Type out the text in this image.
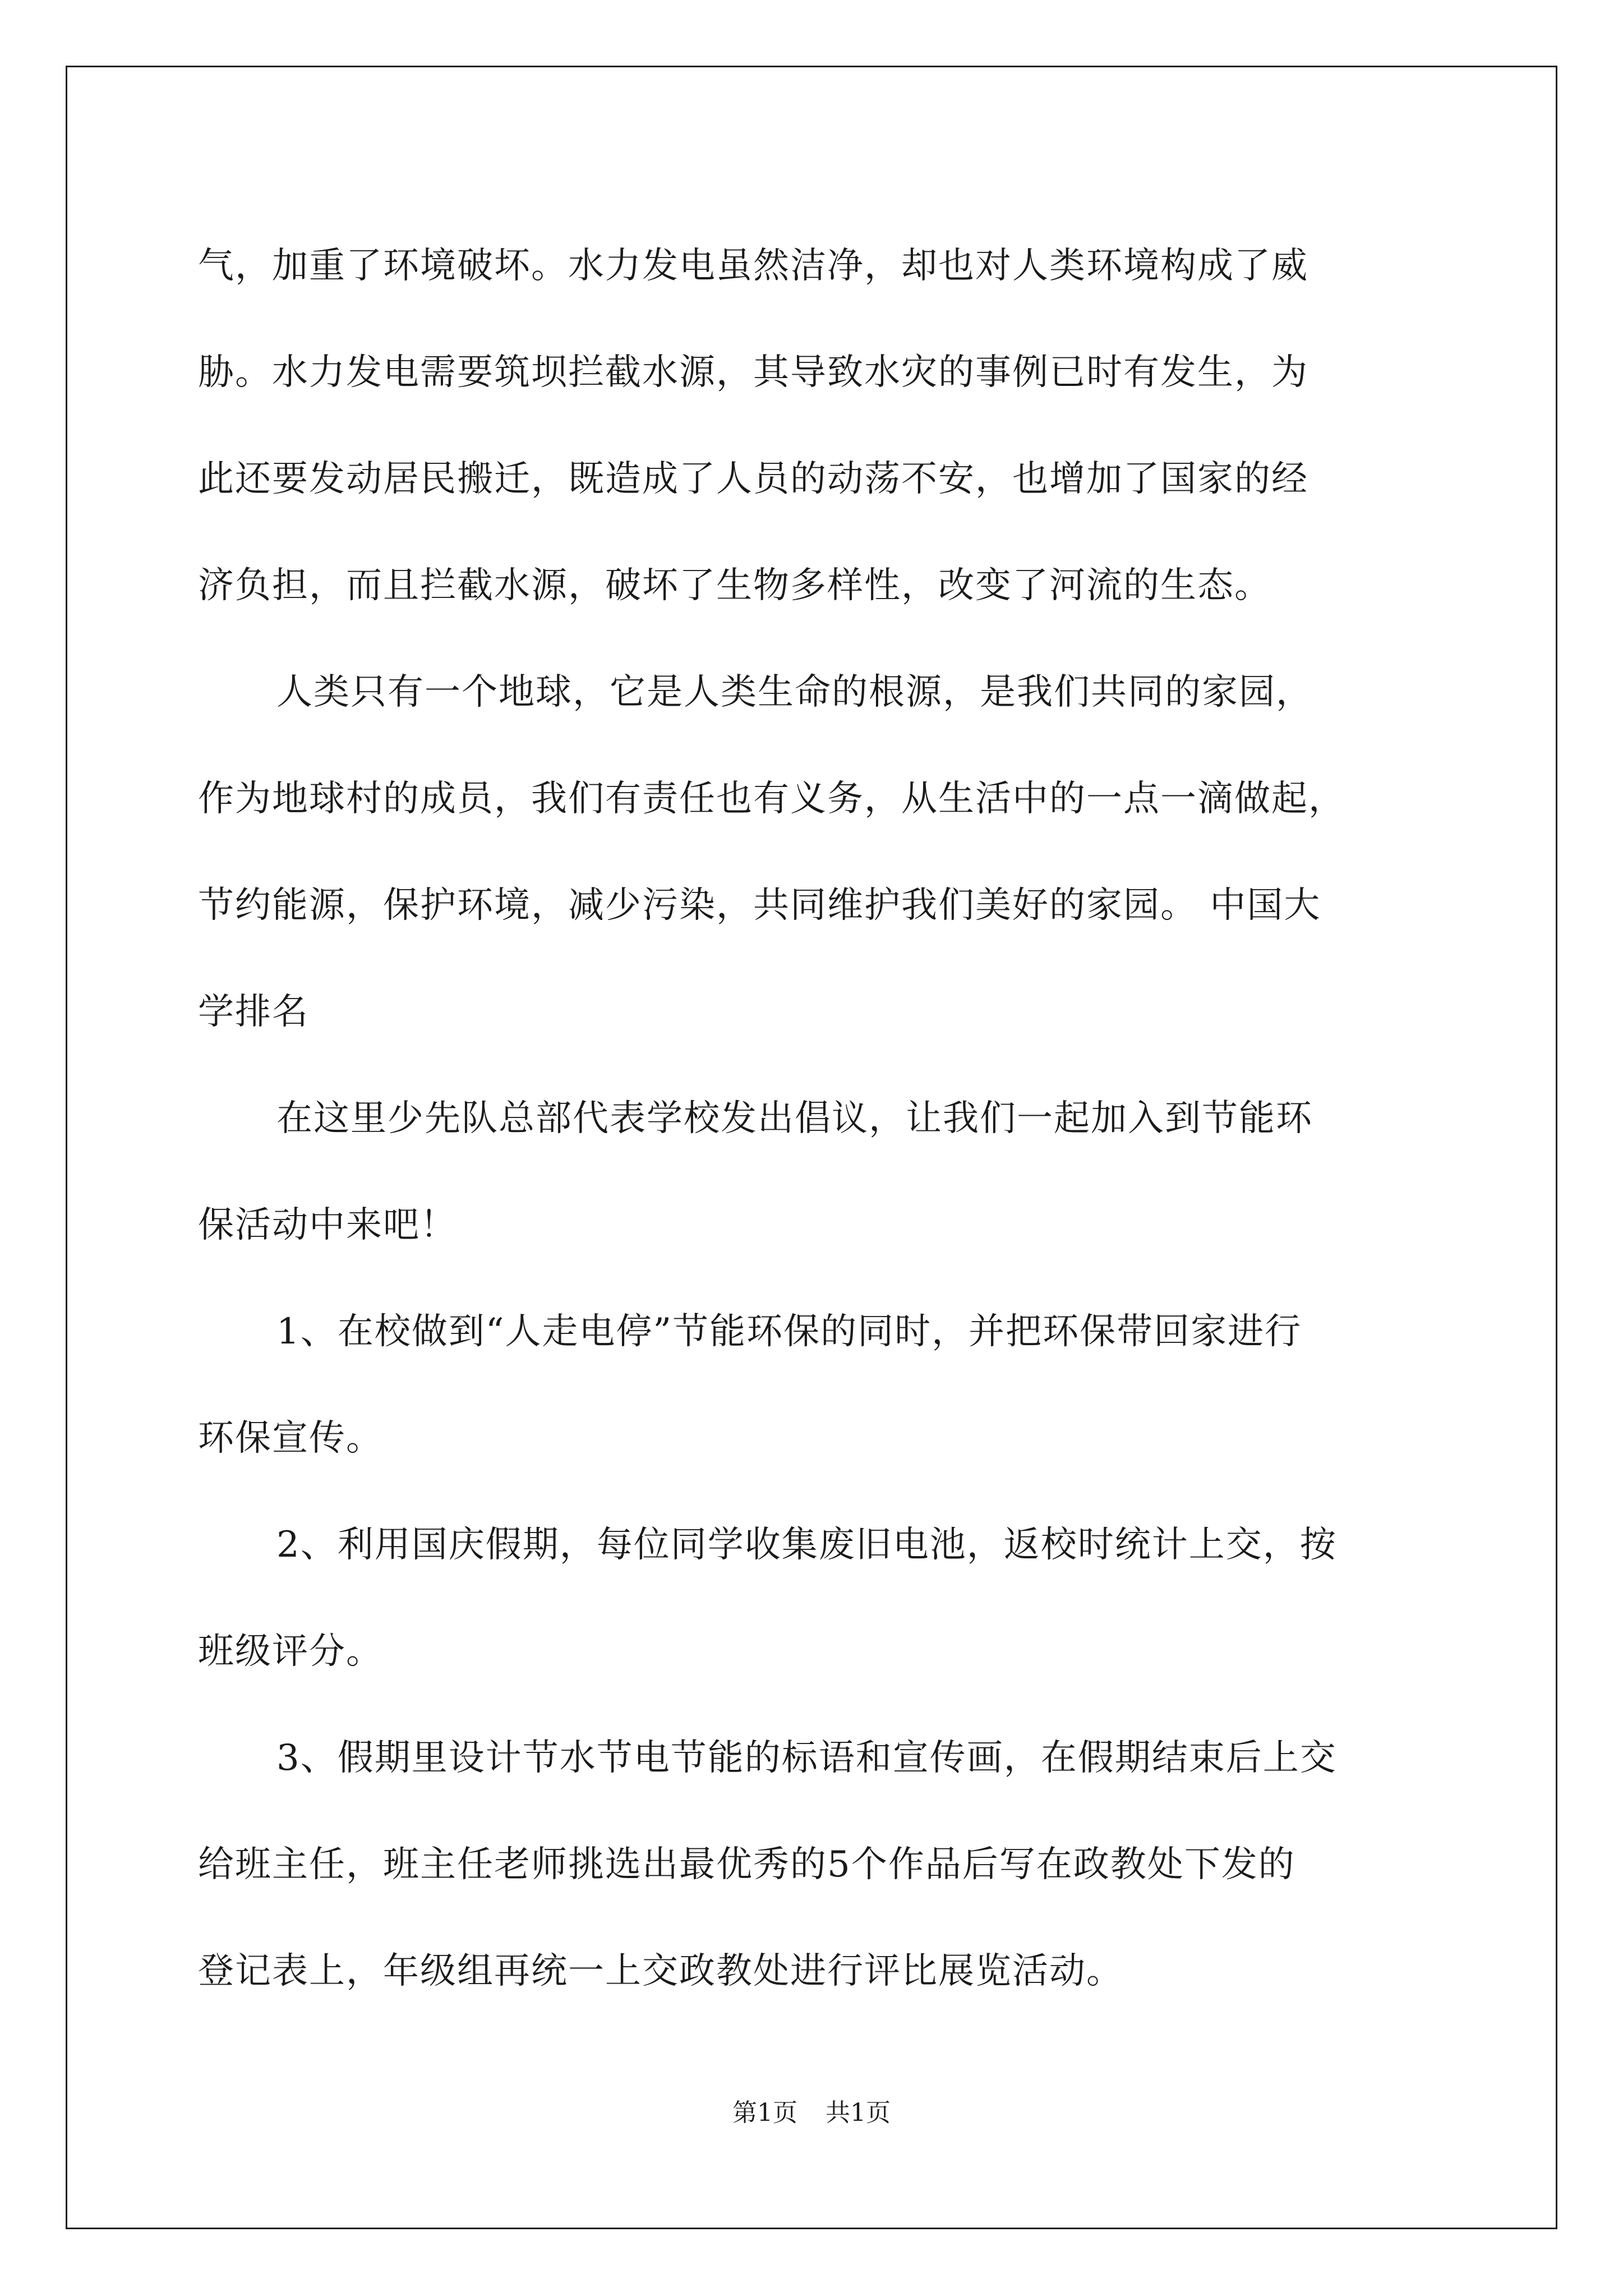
气，加重了环境破坏。水力发电虽然洁净，却也对人类环境构成了威
胁。水力发电需要筑坝拦截水源，其导致水灾的事例已时有发生，为
此还要发动居民搬迁，既造成了人员的动荡不安，也增加了国家的经
济负担，而且拦截水源，破坏了生物多样性，改变了河流的生态。
人类只有一个地球，它是人类生命的根源，是我们共同的家园，
作为地球村的成员，我们有责任也有义务，从生活中的一点一滴做起，
节约能源，保护环境，减少污染，共同维护我们美好的家园。 中国大
学排名
在这里少先队总部代表学校发出倡议，让我们一起加入到节能环
保活动中来吧！
1、在校做到“人走电停”节能环保的同时，并把环保带回家进行
环保宣传。
2、利用国庆假期，每位同学收集废旧电池，返校时统计上交，按
班级评分。
3、假期里设计节水节电节能的标语和宣传画，在假期结束后上交
给班主任，班主任老师挑选出最优秀的5个作品后写在政教处下发的
登记表上，年级组再统一上交政教处进行评比展览活动。
第1页 共1页
